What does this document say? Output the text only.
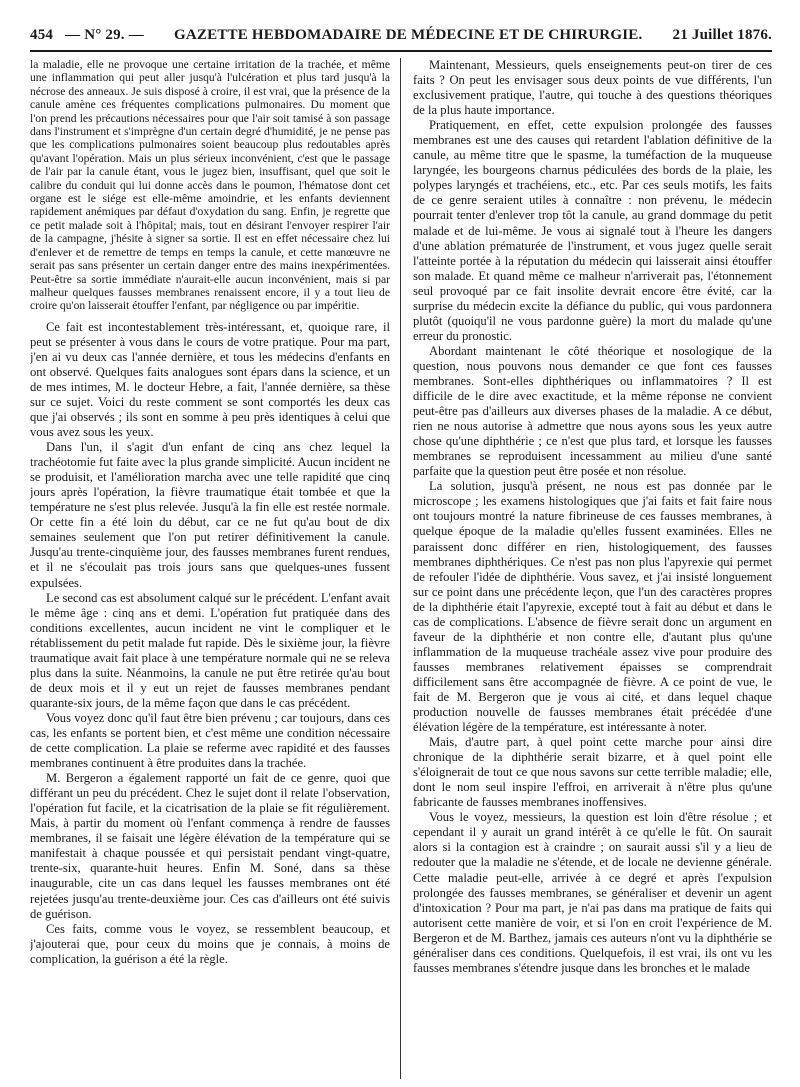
454 — N° 29. —	GAZETTE HEBDOMADAIRE DE MÉDECINE ET DE CHIRURGIE.	21 Juillet 1876.

la maladie, elle ne provoque une certaine irritation de la trachée, et même une inflammation qui peut aller jusqu'à l'ulcération et plus tard jusqu'à la nécrose des anneaux. Je suis disposé à croire, il est vrai, que la présence de la canule amène ces fréquentes complications pulmonaires. Du moment que l'on prend les précautions nécessaires pour que l'air soit tamisé à son passage dans l'instrument et s'imprègne d'un certain degré d'humidité, je ne pense pas que les complications pulmonaires soient beaucoup plus redoutables après qu'avant l'opération. Mais un plus sérieux inconvénient, c'est que le passage de l'air par la canule étant, vous le jugez bien, insuffisant, quel que soit le calibre du conduit qui lui donne accès dans le poumon, l'hématose dont cet organe est le siége est elle-même amoindrie, et les enfants deviennent rapidement anémiques par défaut d'oxydation du sang. Enfin, je regrette que ce petit malade soit à l'hôpital; mais, tout en désirant l'envoyer respirer l'air de la campagne, j'hésite à signer sa sortie. Il est en effet nécessaire chez lui d'enlever et de remettre de temps en temps la canule, et cette manœuvre ne serait pas sans présenter un certain danger entre des mains inexpérimentées. Peut-être sa sortie immédiate n'aurait-elle aucun inconvénient, mais si par malheur quelques fausses membranes renaissent encore, il y a tout lieu de croire qu'on laisserait étouffer l'enfant, par négligence ou par impéritie.

Ce fait est incontestablement très-intéressant, et, quoique rare, il peut se présenter à vous dans le cours de votre pratique. Pour ma part, j'en ai vu deux cas l'année dernière, et tous les médecins d'enfants en ont observé. Quelques faits analogues sont épars dans la science, et un de mes intimes, M. le docteur Hebre, a fait, l'année dernière, sa thèse sur ce sujet. Voici du reste comment se sont comportés les deux cas que j'ai observés ; ils sont en somme à peu près identiques à celui que vous avez sous les yeux.

Dans l'un, il s'agit d'un enfant de cinq ans chez lequel la trachéotomie fut faite avec la plus grande simplicité. Aucun incident ne se produisit, et l'amélioration marcha avec une telle rapidité que cinq jours après l'opération, la fièvre traumatique était tombée et que la température ne s'est plus relevée. Jusqu'à la fin elle est restée normale. Or cette fin a été loin du début, car ce ne fut qu'au bout de dix semaines seulement que l'on put retirer définitivement la canule. Jusqu'au trente-cinquième jour, des fausses membranes furent rendues, et il ne s'écoulait pas trois jours sans que quelques-unes fussent expulsées.

Le second cas est absolument calqué sur le précédent. L'enfant avait le même âge : cinq ans et demi. L'opération fut pratiquée dans des conditions excellentes, aucun incident ne vint le compliquer et le rétablissement du petit malade fut rapide. Dès le sixième jour, la fièvre traumatique avait fait place à une température normale qui ne se releva plus dans la suite. Néanmoins, la canule ne put être retirée qu'au bout de deux mois et il y eut un rejet de fausses membranes pendant quarante-six jours, de la même façon que dans le cas précédent.

Vous voyez donc qu'il faut être bien prévenu ; car toujours, dans ces cas, les enfants se portent bien, et c'est même une condition nécessaire de cette complication. La plaie se referme avec rapidité et des fausses membranes continuent à être produites dans la trachée.

M. Bergeron a également rapporté un fait de ce genre, quoi que différant un peu du précédent. Chez le sujet dont il relate l'observation, l'opération fut facile, et la cicatrisation de la plaie se fit régulièrement. Mais, à partir du moment où l'enfant commença à rendre de fausses membranes, il se faisait une légère élévation de la température qui se manifestait à chaque poussée et qui persistait pendant vingt-quatre, trente-six, quarante-huit heures. Enfin M. Soné, dans sa thèse inaugurable, cite un cas dans lequel les fausses membranes ont été rejetées jusqu'au trente-deuxième jour. Ces cas d'ailleurs ont été suivis de guérison.

Ces faits, comme vous le voyez, se ressemblent beaucoup, et j'ajouterai que, pour ceux du moins que je connais, à moins de complication, la guérison a été la règle.

Maintenant, Messieurs, quels enseignements peut-on tirer de ces faits ? On peut les envisager sous deux points de vue différents, l'un exclusivement pratique, l'autre, qui touche à des questions théoriques de la plus haute importance.

Pratiquement, en effet, cette expulsion prolongée des fausses membranes est une des causes qui retardent l'ablation définitive de la canule, au même titre que le spasme, la tuméfaction de la muqueuse laryngée, les bourgeons charnus pédiculées des bords de la plaie, les polypes laryngés et trachéiens, etc., etc. Par ces seuls motifs, les faits de ce genre seraient utiles à connaître : non prévenu, le médecin pourrait tenter d'enlever trop tôt la canule, au grand dommage du petit malade et de lui-même. Je vous ai signalé tout à l'heure les dangers d'une ablation prématurée de l'instrument, et vous jugez quelle serait l'atteinte portée à la réputation du médecin qui laisserait ainsi étouffer son malade. Et quand même ce malheur n'arriverait pas, l'étonnement seul provoqué par ce fait insolite devrait encore être évité, car la surprise du médecin excite la défiance du public, qui vous pardonnera plutôt (quoiqu'il ne vous pardonne guère) la mort du malade qu'une erreur du pronostic.

Abordant maintenant le côté théorique et nosologique de la question, nous pouvons nous demander ce que font ces fausses membranes. Sont-elles diphthériques ou inflammatoires ? Il est difficile de le dire avec exactitude, et la même réponse ne convient peut-être pas d'ailleurs aux diverses phases de la maladie. A ce début, rien ne nous autorise à admettre que nous ayons sous les yeux autre chose qu'une diphthérie ; ce n'est que plus tard, et lorsque les fausses membranes se reproduisent incessamment au milieu d'une santé parfaite que la question peut être posée et non résolue.

La solution, jusqu'à présent, ne nous est pas donnée par le microscope ; les examens histologiques que j'ai faits et fait faire nous ont toujours montré la nature fibrineuse de ces fausses membranes, à quelque époque de la maladie qu'elles fussent examinées. Elles ne paraissent donc différer en rien, histologiquement, des fausses membranes diphthériques. Ce n'est pas non plus l'apyrexie qui permet de refouler l'idée de diphthérie. Vous savez, et j'ai insisté longuement sur ce point dans une précédente leçon, que l'un des caractères propres de la diphthérie était l'apyrexie, excepté tout à fait au début et dans le cas de complications. L'absence de fièvre serait donc un argument en faveur de la diphthérie et non contre elle, d'autant plus qu'une inflammation de la muqueuse trachéale assez vive pour produire des fausses membranes relativement épaisses se comprendrait difficilement sans être accompagnée de fièvre. A ce point de vue, le fait de M. Bergeron que je vous ai cité, et dans lequel chaque production nouvelle de fausses membranes était précédée d'une élévation légère de la température, est intéressante à noter.

Mais, d'autre part, à quel point cette marche pour ainsi dire chronique de la diphthérie serait bizarre, et à quel point elle s'éloignerait de tout ce que nous savons sur cette terrible maladie; elle, dont le nom seul inspire l'effroi, en arriverait à n'être plus qu'une fabricante de fausses membranes inoffensives.

Vous le voyez, messieurs, la question est loin d'être résolue ; et cependant il y aurait un grand intérêt à ce qu'elle le fût. On saurait alors si la contagion est à craindre ; on saurait aussi s'il y a lieu de redouter que la maladie ne s'étende, et de locale ne devienne générale. Cette maladie peut-elle, arrivée à ce degré et après l'expulsion prolongée des fausses membranes, se généraliser et devenir un agent d'intoxication ? Pour ma part, je n'ai pas dans ma pratique de faits qui autorisent cette manière de voir, et si l'on en croit l'expérience de M. Bergeron et de M. Barthez, jamais ces auteurs n'ont vu la diphthérie se généraliser dans ces conditions. Quelquefois, il est vrai, ils ont vu les fausses membranes s'étendre jusque dans les bronches et le malade
